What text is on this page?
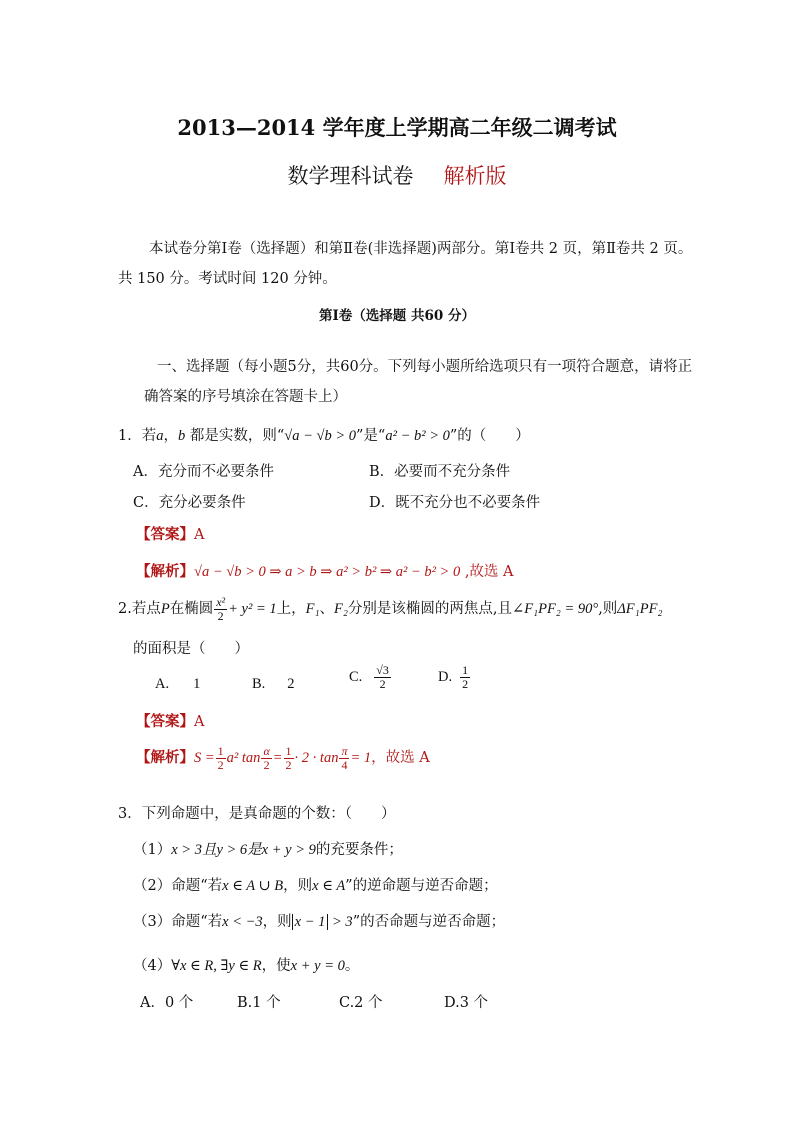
2013—2014 学年度上学期高二年级二调考试
数学理科试卷 解析版
本试卷分第Ⅰ卷（选择题）和第Ⅱ卷(非选择题)两部分。第Ⅰ卷共 2 页，第Ⅱ卷共 2 页。
共 150 分。考试时间 120 分钟。
第Ⅰ卷（选择题 共60 分）
一、选择题（每小题5分，共60分。下列每小题所给选项只有一项符合题意，请将正
确答案的序号填涂在答题卡上）
1．若a，b 都是实数，则“√a − √b > 0”是“a² − b² > 0”的（　　）
A．充分而不必要条件	B．必要而不充分条件
C．充分必要条件	D．既不充分也不必要条件
【答案】A
【解析】√a − √b > 0 ⇒ a > b ⇒ a² > b² ⇒ a² − b² > 0 ,故选 A
2.若点P在椭圆 $\frac{\text{x²}}{2} + y^2 = 1$上，F₁、F₂分别是该椭圆的两焦点,且∠F₁PF₂ = 90°,则ΔF₁PF₂
的面积是（　　）
A. 1	B. 2	C. $\frac{√3}{2}$	D. $\frac{1}{2}$
【答案】A
【解析】$S = \frac{1}{2} a^2$ $\tan \frac{\alpha}{2} = \frac{1}{2} \cdot 2 \cdot \tan \frac{\pi}{4} = 1$，故选 A
3．下列命题中，是真命题的个数：（　　）
（1）x > 3且y > 6是x + y > 9的充要条件；
（2）命题“若x ∈ A ∪ B，则x ∈ A”的逆命题与逆否命题；
（3）命题“若x < −3，则 x − 1 > 3”的否命题与逆否命题；
（4）∀x ∈ R, ∃y ∈ R，使x + y = 0。
A．0 个	B.1 个	C.2 个	D.3 个
